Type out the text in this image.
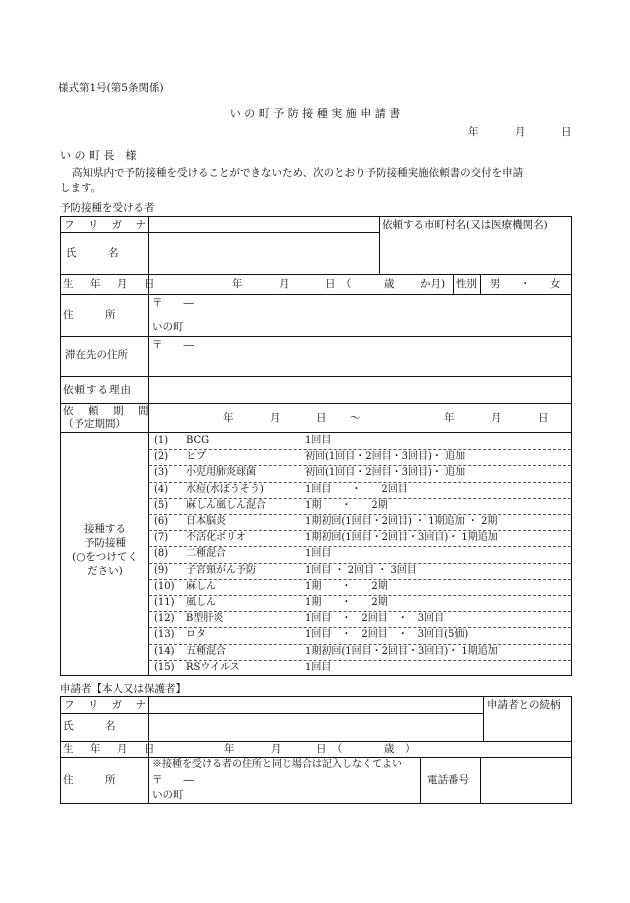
様式第1号(第5条関係)
い の 町 予 防 接 種 実 施 申 請 書
年	月	日
い の 町 長　様
高知県内で予防接種を受けることができないため、次のとおり予防接種実施依頼書の交付を申請
します。
予防接種を受ける者
フ リ ガ ナ	依頼する市町村名(又は医療機関名)
氏　　　名
生　年　月　日	年	月	日　（	歳 か月) 性別 男 ・ 女
住　　　所
〒　　―
いの町
滞在先の住所
〒　　―
依頼する理由
依　頼　期　間
（予定期間）	年	月	日 ～	年	月	日
接種する
予防接種
(○をつけてく
ださい)
(1) BCG	1回目
(2) ヒブ	初回(1回目・2回目・3回目)・ 追加
(3) 小児用肺炎球菌	初回(1回目・2回目・3回目)・ 追加
(4) 水痘(水ぼうそう)	1回目　　・　　2回目
(5) 麻しん風しん混合	1期　　・　　2期
(6) 日本脳炎	1期初回(1回目・2回目) ・ 1期追加 ・ 2期
(7) 不活化ポリオ	1期初回(1回目・2回目・3回目)・ 1期追加
(8) 二種混合	1回目
(9) 子宮頸がん予防	1回目 ・ 2回目 ・ 3回目
(10) 麻しん	1期　　・　　2期
(11) 風しん	1期　　・　　2期
(12) B型肝炎	1回目　・　2回目　・　3回目
(13) ロタ	1回目　・　2回目　・　3回目(5価)
(14) 五種混合	1期初回(1回目・2回目・3回目)・ 1期追加
(15) RSウイルス	1回目
申請者【本人又は保護者】
フ リ ガ ナ	申請者との続柄
氏　　　名
生　年　月　日	年	月	日　（	歳　）
住　　　所
※接種を受ける者の住所と同じ場合は記入しなくてよい
〒　　―
いの町
電話番号
